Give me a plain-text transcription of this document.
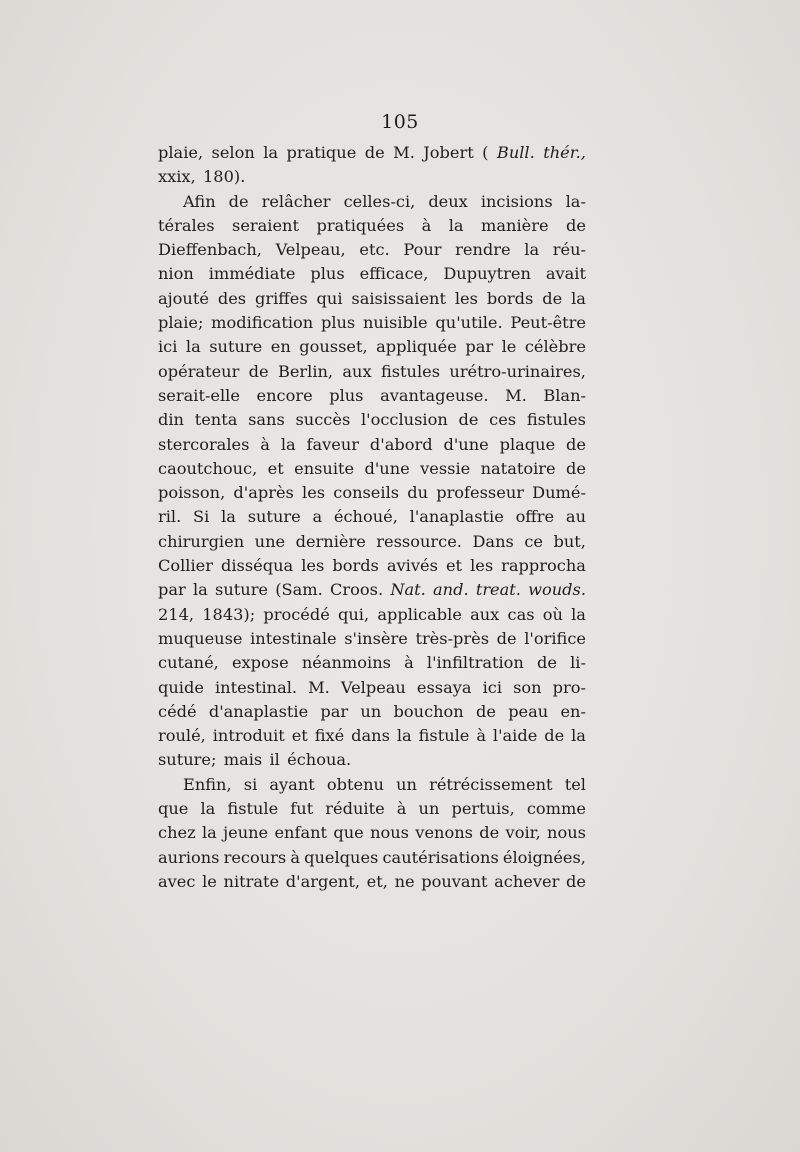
105
plaie, selon la pratique de M. Jobert ( Bull. thér.,
xxix, 180).
Afin de relâcher celles-ci, deux incisions la-
térales seraient pratiquées à la manière de
Dieffenbach, Velpeau, etc. Pour rendre la réu-
nion immédiate plus efficace, Dupuytren avait
ajouté des griffes qui saisissaient les bords de la
plaie; modification plus nuisible qu'utile. Peut-être
ici la suture en gousset, appliquée par le célèbre
opérateur de Berlin, aux fistules urétro-urinaires,
serait-elle encore plus avantageuse. M. Blan-
din tenta sans succès l'occlusion de ces fistules
stercorales à la faveur d'abord d'une plaque de
caoutchouc, et ensuite d'une vessie natatoire de
poisson, d'après les conseils du professeur Dumé-
ril. Si la suture a échoué, l'anaplastie offre au
chirurgien une dernière ressource. Dans ce but,
Collier disséqua les bords avivés et les rapprocha
par la suture (Sam. Croos. Nat. and. treat. wouds.
214, 1843); procédé qui, applicable aux cas où la
muqueuse intestinale s'insère très-près de l'orifice
cutané, expose néanmoins à l'infiltration de li-
quide intestinal. M. Velpeau essaya ici son pro-
cédé d'anaplastie par un bouchon de peau en-
roulé, introduit et fixé dans la fistule à l'aide de la
suture; mais il échoua.
Enfin, si ayant obtenu un rétrécissement tel
que la fistule fut réduite à un pertuis, comme
chez la jeune enfant que nous venons de voir, nous
aurions recours à quelques cautérisations éloignées,
avec le nitrate d'argent, et, ne pouvant achever de
